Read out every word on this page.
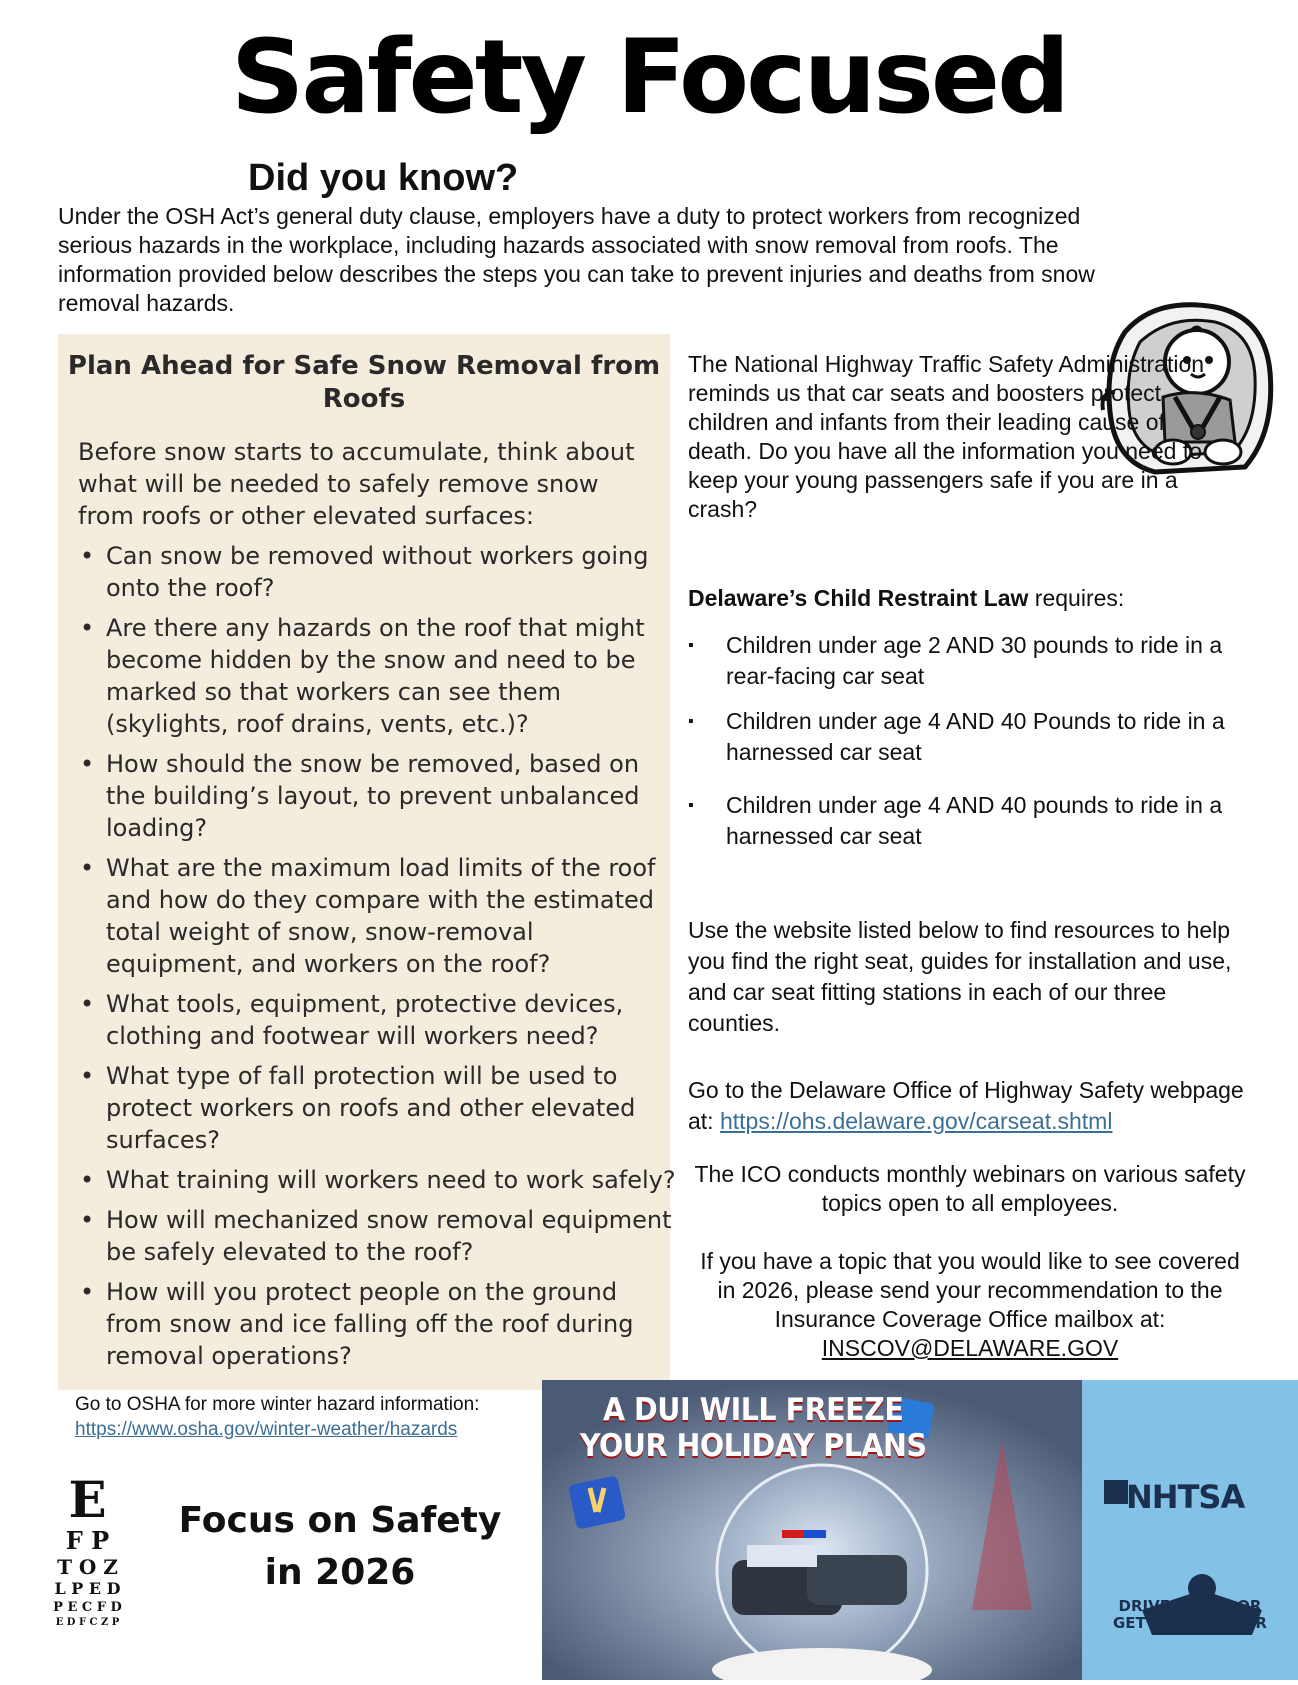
Safety Focused
Did you know?

Under the OSH Act’s general duty clause, employers have a duty to protect workers from recognized serious hazards in the workplace, including hazards associated with snow removal from roofs. The information provided below describes the steps you can take to prevent injuries and deaths from snow removal hazards.

Plan Ahead for Safe Snow Removal from Roofs

Before snow starts to accumulate, think about what will be needed to safely remove snow from roofs or other elevated surfaces:

• Can snow be removed without workers going onto the roof?
• Are there any hazards on the roof that might become hidden by the snow and need to be marked so that workers can see them (skylights, roof drains, vents, etc.)?
• How should the snow be removed, based on the building’s layout, to prevent unbalanced loading?
• What are the maximum load limits of the roof and how do they compare with the estimated total weight of snow, snow-removal equipment, and workers on the roof?
• What tools, equipment, protective devices, clothing and footwear will workers need?
• What type of fall protection will be used to protect workers on roofs and other elevated surfaces?
• What training will workers need to work safely?
• How will mechanized snow removal equipment be safely elevated to the roof?
• How will you protect people on the ground from snow and ice falling off the roof during removal operations?

The National Highway Traffic Safety Administration reminds us that car seats and boosters protect children and infants from their leading cause of death. Do you have all the information you need to keep your young passengers safe if you are in a crash?

Delaware’s Child Restraint Law requires:

▪ Children under age 2 AND 30 pounds to ride in a rear-facing car seat
▪ Children under age 4 AND 40 Pounds to ride in a harnessed car seat
▪ Children under age 4 AND 40 pounds to ride in a harnessed car seat

Use the website listed below to find resources to help you find the right seat, guides for installation and use, and car seat fitting stations in each of our three counties.

Go to the Delaware Office of Highway Safety webpage at: https://ohs.delaware.gov/carseat.shtml

The ICO conducts monthly webinars on various safety topics open to all employees.

If you have a topic that you would like to see covered in 2026, please send your recommendation to the Insurance Coverage Office mailbox at: INSCOV@DELAWARE.GOV

Go to OSHA for more winter hazard information:
https://www.osha.gov/winter-weather/hazards

E
F P
T O Z
L P E D
P E C F D
E D F C Z P
Focus on Safety
in 2026
A DUI WILL FREEZE
YOUR HOLIDAY PLANS
NHTSA
DRIVE SOBER OR
GET PULLED OVER
